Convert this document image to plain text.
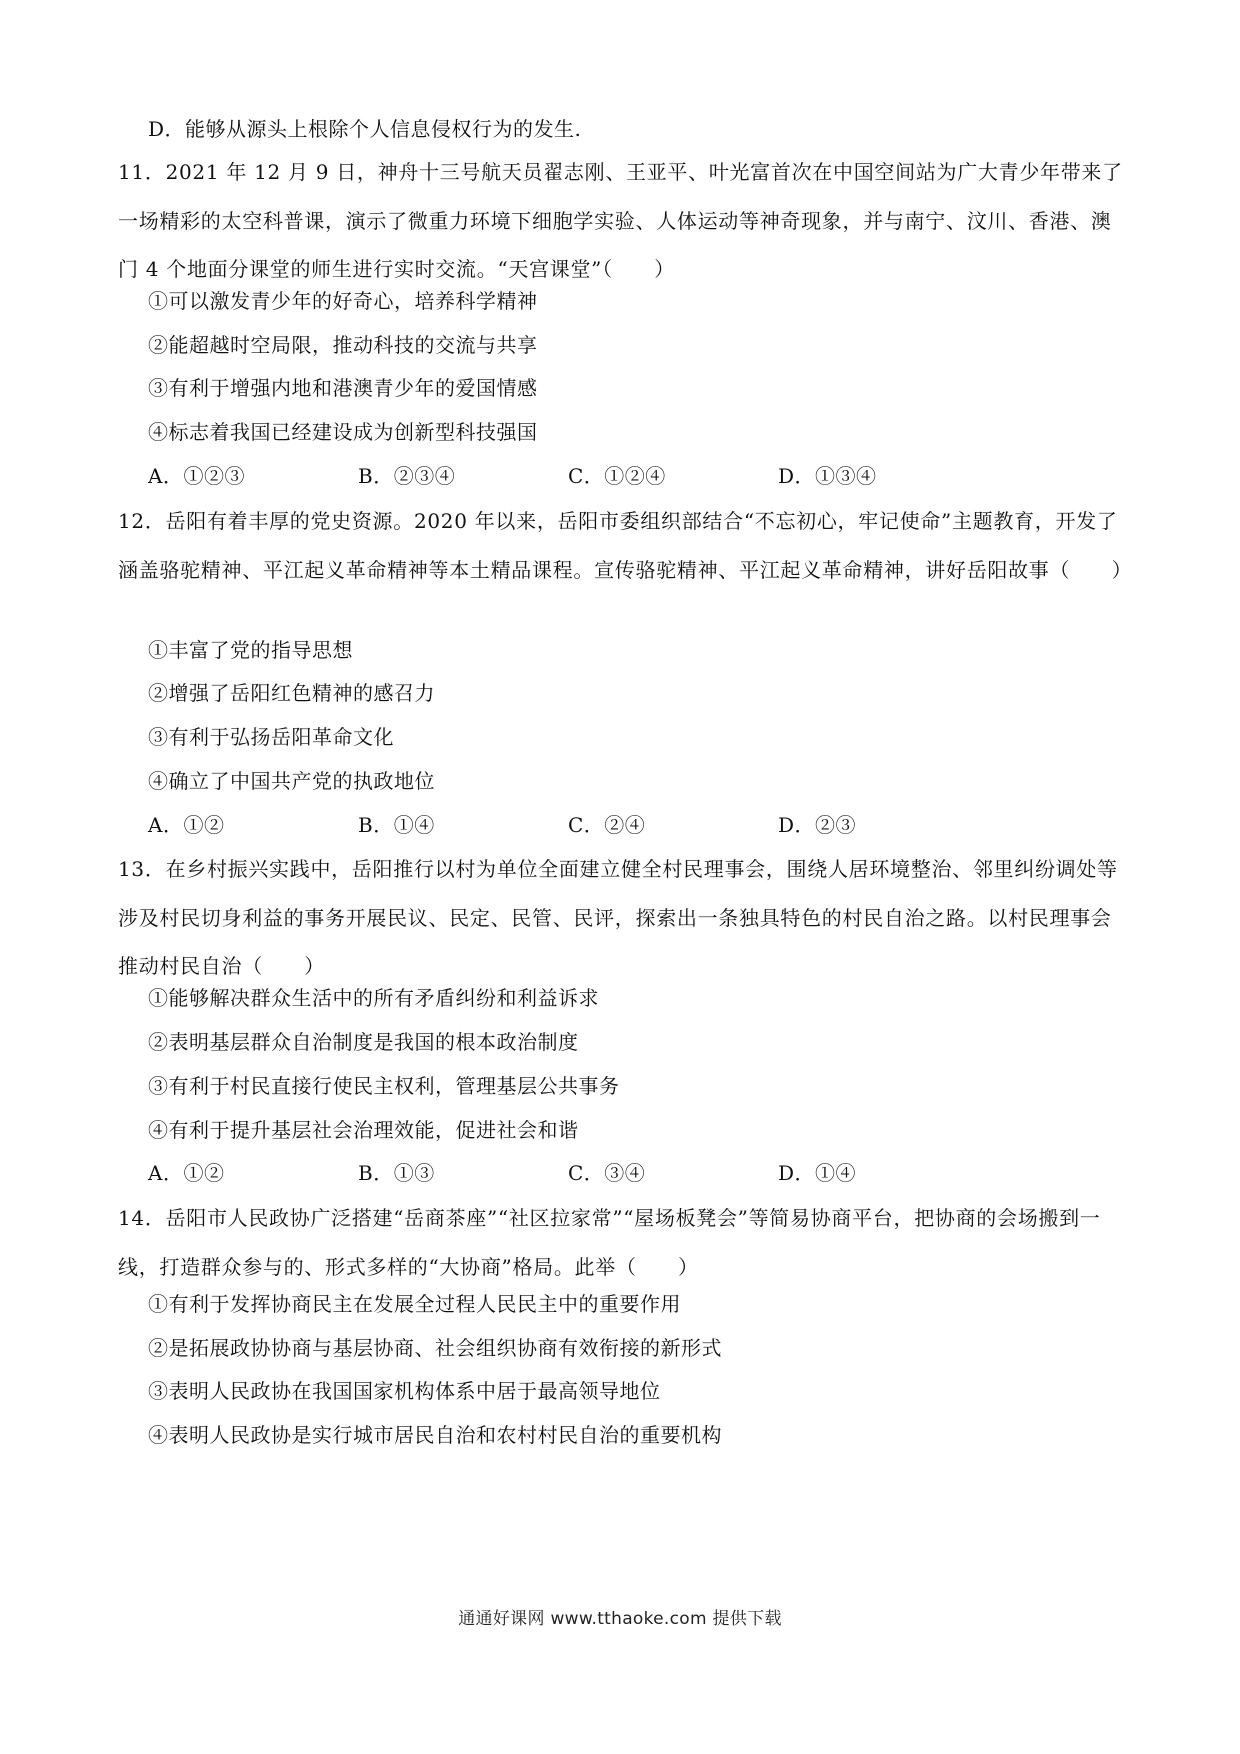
D．能够从源头上根除个人信息侵权行为的发生.
11．2021 年 12 月 9 日，神舟十三号航天员翟志刚、王亚平、叶光富首次在中国空间站为广大青少年带来了一场精彩的太空科普课，演示了微重力环境下细胞学实验、人体运动等神奇现象，并与南宁、汶川、香港、澳门 4 个地面分课堂的师生进行实时交流。“天宫课堂”（　　）
①可以激发青少年的好奇心，培养科学精神
②能超越时空局限，推动科技的交流与共享
③有利于增强内地和港澳青少年的爱国情感
④标志着我国已经建设成为创新型科技强国
A．①②③	B．②③④	C．①②④	D．①③④
12．岳阳有着丰厚的党史资源。2020 年以来，岳阳市委组织部结合“不忘初心，牢记使命”主题教育，开发了涵盖骆驼精神、平江起义革命精神等本土精品课程。宣传骆驼精神、平江起义革命精神，讲好岳阳故事（　　）
①丰富了党的指导思想
②增强了岳阳红色精神的感召力
③有利于弘扬岳阳革命文化
④确立了中国共产党的执政地位
A．①②	B．①④	C．②④	D．②③
13．在乡村振兴实践中，岳阳推行以村为单位全面建立健全村民理事会，围绕人居环境整治、邻里纠纷调处等涉及村民切身利益的事务开展民议、民定、民管、民评，探索出一条独具特色的村民自治之路。以村民理事会推动村民自治（　　）
①能够解决群众生活中的所有矛盾纠纷和利益诉求
②表明基层群众自治制度是我国的根本政治制度
③有利于村民直接行使民主权利，管理基层公共事务
④有利于提升基层社会治理效能，促进社会和谐
A．①②	B．①③	C．③④	D．①④
14．岳阳市人民政协广泛搭建“岳商茶座”“社区拉家常”“屋场板凳会”等简易协商平台，把协商的会场搬到一线，打造群众参与的、形式多样的“大协商”格局。此举（　　）
①有利于发挥协商民主在发展全过程人民民主中的重要作用
②是拓展政协协商与基层协商、社会组织协商有效衔接的新形式
③表明人民政协在我国国家机构体系中居于最高领导地位
④表明人民政协是实行城市居民自治和农村村民自治的重要机构
通通好课网 www.tthaoke.com 提供下载
